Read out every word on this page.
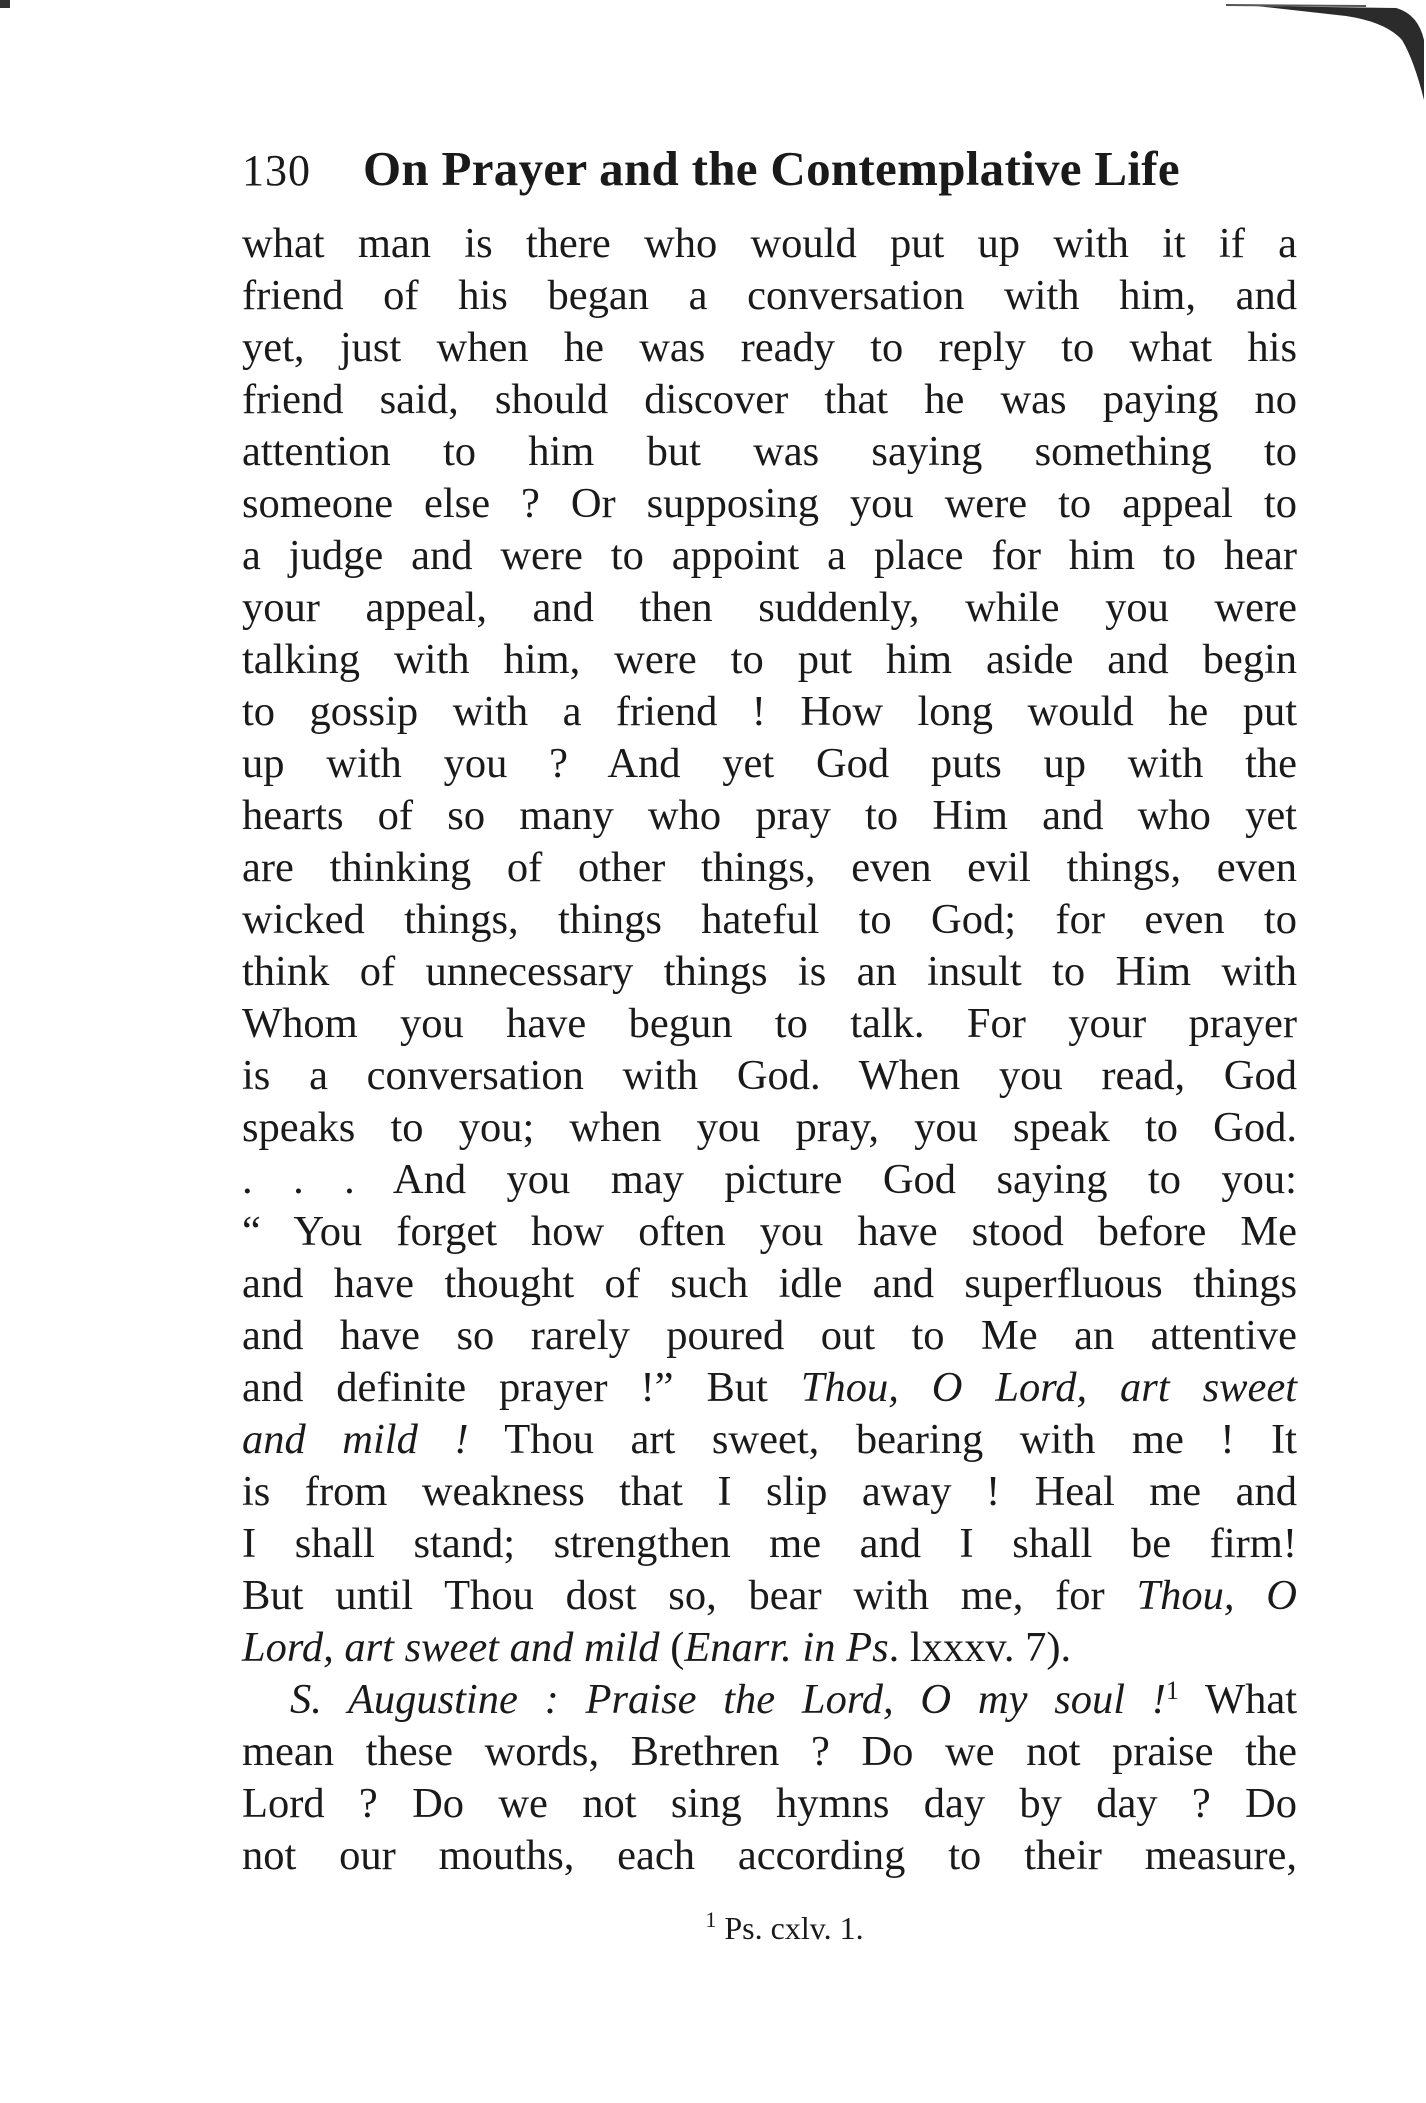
130 On Prayer and the Contemplative Life
what man is there who would put up with it if a
friend of his began a conversation with him, and
yet, just when he was ready to reply to what his
friend said, should discover that he was paying no
attention to him but was saying something to
someone else ? Or supposing you were to appeal to
a judge and were to appoint a place for him to hear
your appeal, and then suddenly, while you were
talking with him, were to put him aside and begin
to gossip with a friend ! How long would he put
up with you ? And yet God puts up with the
hearts of so many who pray to Him and who yet
are thinking of other things, even evil things, even
wicked things, things hateful to God; for even to
think of unnecessary things is an insult to Him with
Whom you have begun to talk. For your prayer
is a conversation with God. When you read, God
speaks to you; when you pray, you speak to God.
. . . And you may picture God saying to you:
“ You forget how often you have stood before Me
and have thought of such idle and superfluous things
and have so rarely poured out to Me an attentive
and definite prayer !” But Thou, O Lord, art sweet
and mild ! Thou art sweet, bearing with me ! It
is from weakness that I slip away ! Heal me and
I shall stand; strengthen me and I shall be firm!
But until Thou dost so, bear with me, for Thou, O
Lord, art sweet and mild (Enarr. in Ps. lxxxv. 7).
S. Augustine : Praise the Lord, O my soul !$^1$ What
mean these words, Brethren ? Do we not praise the
Lord ? Do we not sing hymns day by day ? Do
not our mouths, each according to their measure,
$^1$ Ps. cxlv. 1.
